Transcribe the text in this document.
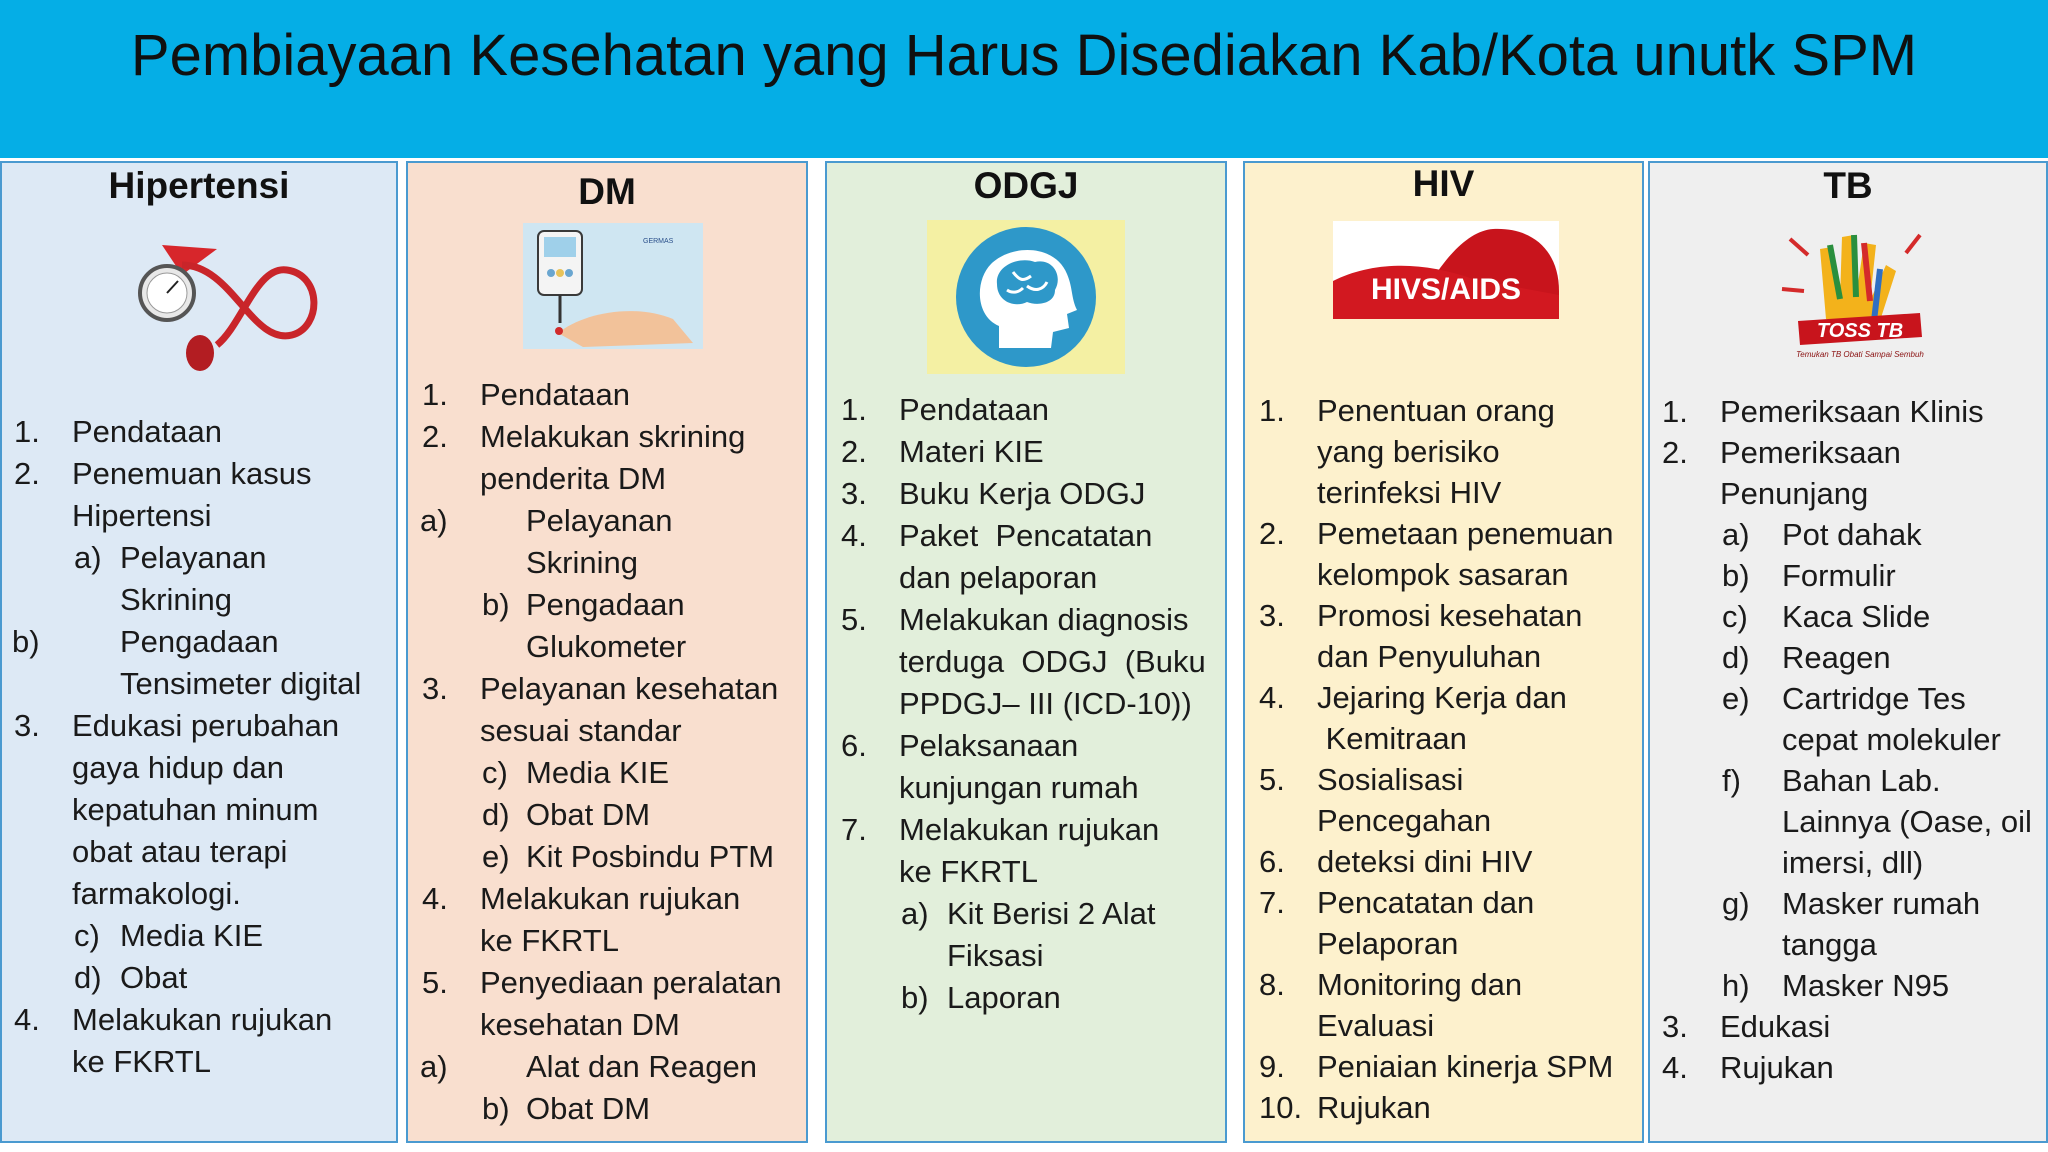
Pembiayaan Kesehatan yang Harus Disediakan Kab/Kota unutk SPM
Hipertensi
1. Pendataan
2. Penemuan kasus
Hipertensi
a) Pelayanan
Skrining
b)	Pengadaan
Tensimeter digital
3. Edukasi perubahan
gaya hidup dan
kepatuhan minum
obat atau terapi
farmakologi.
c) Media KIE
d) Obat
4. Melakukan rujukan
ke FKRTL
DM
GERMAS
1. Pendataan
2. Melakukan skrining
penderita DM
a)	Pelayanan
Skrining
b) Pengadaan
Glukometer
3. Pelayanan kesehatan
sesuai standar
c) Media KIE
d) Obat DM
e) Kit Posbindu PTM
4. Melakukan rujukan
ke FKRTL
5. Penyediaan peralatan
kesehatan DM
a)	Alat dan Reagen
b) Obat DM
ODGJ
1. Pendataan
2. Materi KIE
3. Buku Kerja ODGJ
4. Paket  Pencatatan
dan pelaporan
5. Melakukan diagnosis
terduga  ODGJ  (Buku
PPDGJ– III (ICD-10))
6. Pelaksanaan
kunjungan rumah
7. Melakukan rujukan
ke FKRTL
a) Kit Berisi 2 Alat
Fiksasi
b) Laporan
HIV
HIVS/AIDS
1. Penentuan orang
yang berisiko
terinfeksi HIV
2. Pemetaan penemuan
kelompok sasaran
3. Promosi kesehatan
dan Penyuluhan
4. Jejaring Kerja dan
Kemitraan
5. Sosialisasi
Pencegahan
6. deteksi dini HIV
7. Pencatatan dan
Pelaporan
8. Monitoring dan
Evaluasi
9. Peniaian kinerja SPM
10. Rujukan
TB
TOSS TB
Temukan TB Obati Sampai Sembuh
1. Pemeriksaan Klinis
2. Pemeriksaan
Penunjang
a) Pot dahak
b) Formulir
c) Kaca Slide
d) Reagen
e) Cartridge Tes
cepat molekuler
f) Bahan Lab.
Lainnya (Oase, oil
imersi, dll)
g) Masker rumah
tangga
h) Masker N95
3. Edukasi
4. Rujukan
